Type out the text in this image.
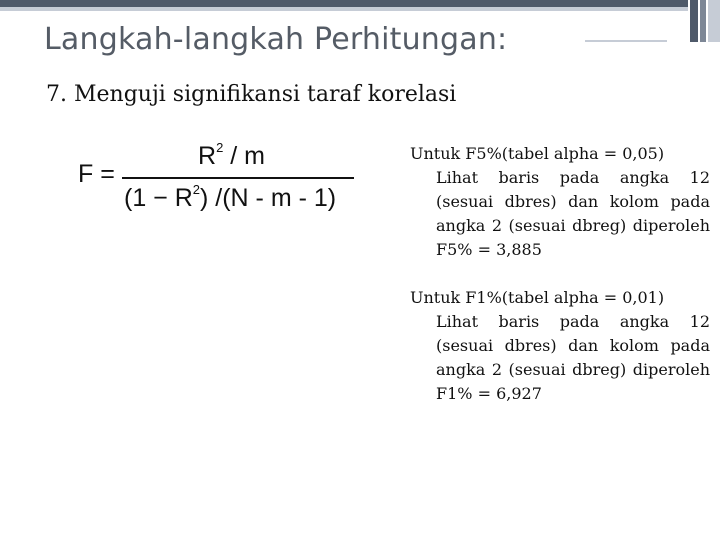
Langkah-langkah Perhitungan:
7. Menguji signifikansi taraf korelasi
F =
$R^2$ / m
$(1 - R^2)$ /(N - m - 1)
Untuk F5%(tabel alpha = 0,05)
Lihat baris pada angka 12 (sesuai dbres) dan kolom pada angka 2 (sesuai dbreg) diperoleh F5% = 3,885
Untuk F1%(tabel alpha = 0,01)
Lihat baris pada angka 12 (sesuai dbres) dan kolom pada angka 2 (sesuai dbreg) diperoleh F1% = 6,927
